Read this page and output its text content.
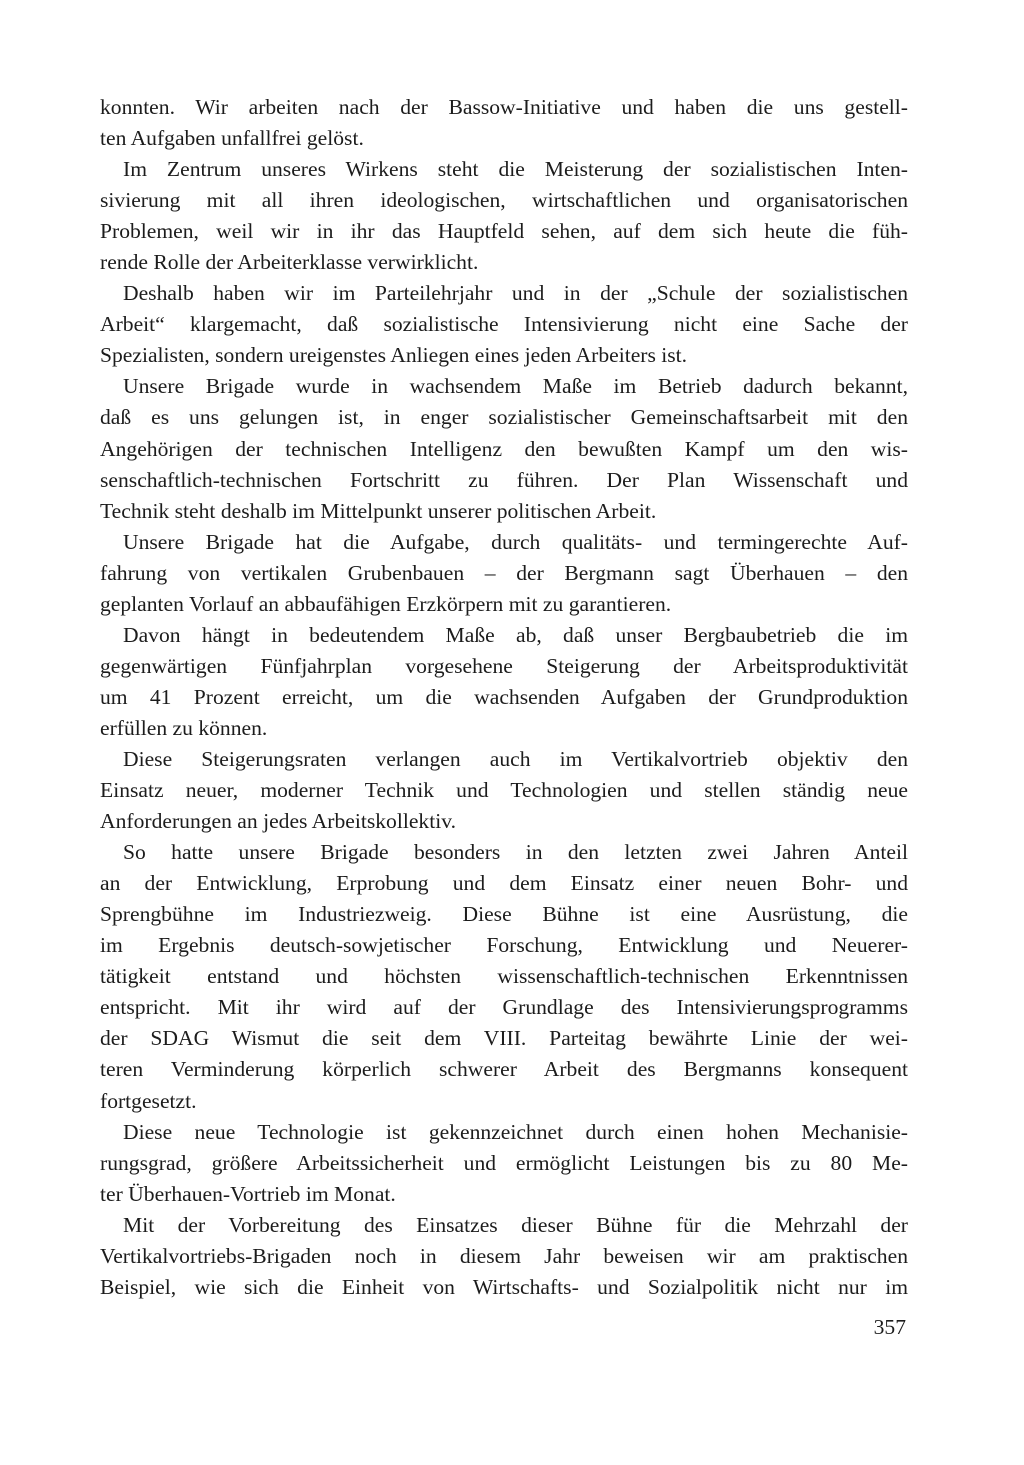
konnten. Wir arbeiten nach der Bassow-Initiative und haben die uns gestell-
ten Aufgaben unfallfrei gelöst.
Im Zentrum unseres Wirkens steht die Meisterung der sozialistischen Inten-
sivierung mit all ihren ideologischen, wirtschaftlichen und organisatorischen
Problemen, weil wir in ihr das Hauptfeld sehen, auf dem sich heute die füh-
rende Rolle der Arbeiterklasse verwirklicht.
Deshalb haben wir im Parteilehrjahr und in der „Schule der sozialistischen
Arbeit“ klargemacht, daß sozialistische Intensivierung nicht eine Sache der
Spezialisten, sondern ureigenstes Anliegen eines jeden Arbeiters ist.
Unsere Brigade wurde in wachsendem Maße im Betrieb dadurch bekannt,
daß es uns gelungen ist, in enger sozialistischer Gemeinschaftsarbeit mit den
Angehörigen der technischen Intelligenz den bewußten Kampf um den wis-
senschaftlich-technischen Fortschritt zu führen. Der Plan Wissenschaft und
Technik steht deshalb im Mittelpunkt unserer politischen Arbeit.
Unsere Brigade hat die Aufgabe, durch qualitäts- und termingerechte Auf-
fahrung von vertikalen Grubenbauen – der Bergmann sagt Überhauen – den
geplanten Vorlauf an abbaufähigen Erzkörpern mit zu garantieren.
Davon hängt in bedeutendem Maße ab, daß unser Bergbaubetrieb die im
gegenwärtigen Fünfjahrplan vorgesehene Steigerung der Arbeitsproduktivität
um 41 Prozent erreicht, um die wachsenden Aufgaben der Grundproduktion
erfüllen zu können.
Diese Steigerungsraten verlangen auch im Vertikalvortrieb objektiv den
Einsatz neuer, moderner Technik und Technologien und stellen ständig neue
Anforderungen an jedes Arbeitskollektiv.
So hatte unsere Brigade besonders in den letzten zwei Jahren Anteil
an der Entwicklung, Erprobung und dem Einsatz einer neuen Bohr- und
Sprengbühne im Industriezweig. Diese Bühne ist eine Ausrüstung, die
im Ergebnis deutsch-sowjetischer Forschung, Entwicklung und Neuerer-
tätigkeit entstand und höchsten wissenschaftlich-technischen Erkenntnissen
entspricht. Mit ihr wird auf der Grundlage des Intensivierungsprogramms
der SDAG Wismut die seit dem VIII. Parteitag bewährte Linie der wei-
teren Verminderung körperlich schwerer Arbeit des Bergmanns konsequent
fortgesetzt.
Diese neue Technologie ist gekennzeichnet durch einen hohen Mechanisie-
rungsgrad, größere Arbeitssicherheit und ermöglicht Leistungen bis zu 80 Me-
ter Überhauen-Vortrieb im Monat.
Mit der Vorbereitung des Einsatzes dieser Bühne für die Mehrzahl der
Vertikalvortriebs-Brigaden noch in diesem Jahr beweisen wir am praktischen
Beispiel, wie sich die Einheit von Wirtschafts- und Sozialpolitik nicht nur im
357
